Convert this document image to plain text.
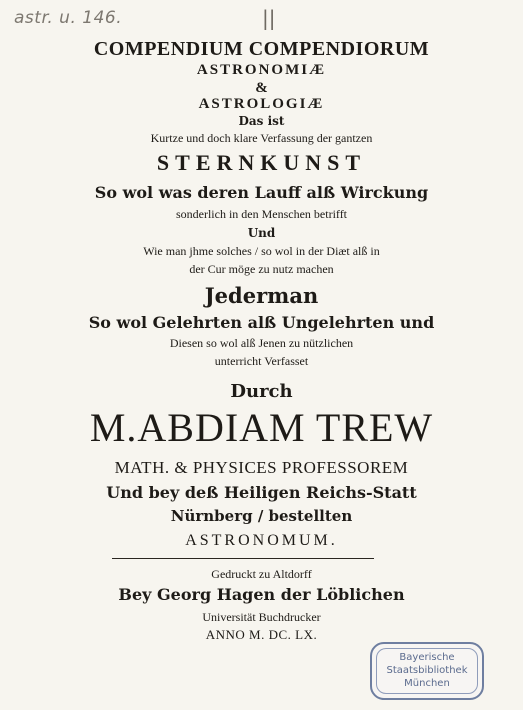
astr. u. 146.	||
COMPENDIUM COMPENDIORUM
ASTRONOMIÆ
&
ASTROLOGIÆ
Das ist
Kurtze und doch klare Verfassung der gantzen
STERNKUNST
So wol was deren Lauff alß Wirckung
sonderlich in den Menschen betrifft
Und
Wie man jhme solches / so wol in der Diæt alß in
der Cur möge zu nutz machen
Jederman
So wol Gelehrten alß Ungelehrten und
Diesen so wol alß Jenen zu nützlichen
unterricht Verfasset
Durch
M.ABDIAM TREW
MATH. & PHYSICES PROFESSOREM
Und bey deß Heiligen Reichs-Statt
Nürnberg / bestellten
ASTRONOMUM.
Gedruckt zu Altdorff
Bey Georg Hagen der Löblichen
Universität Buchdrucker
ANNO M. DC. LX.
Bayerische
Staatsbibliothek
München
